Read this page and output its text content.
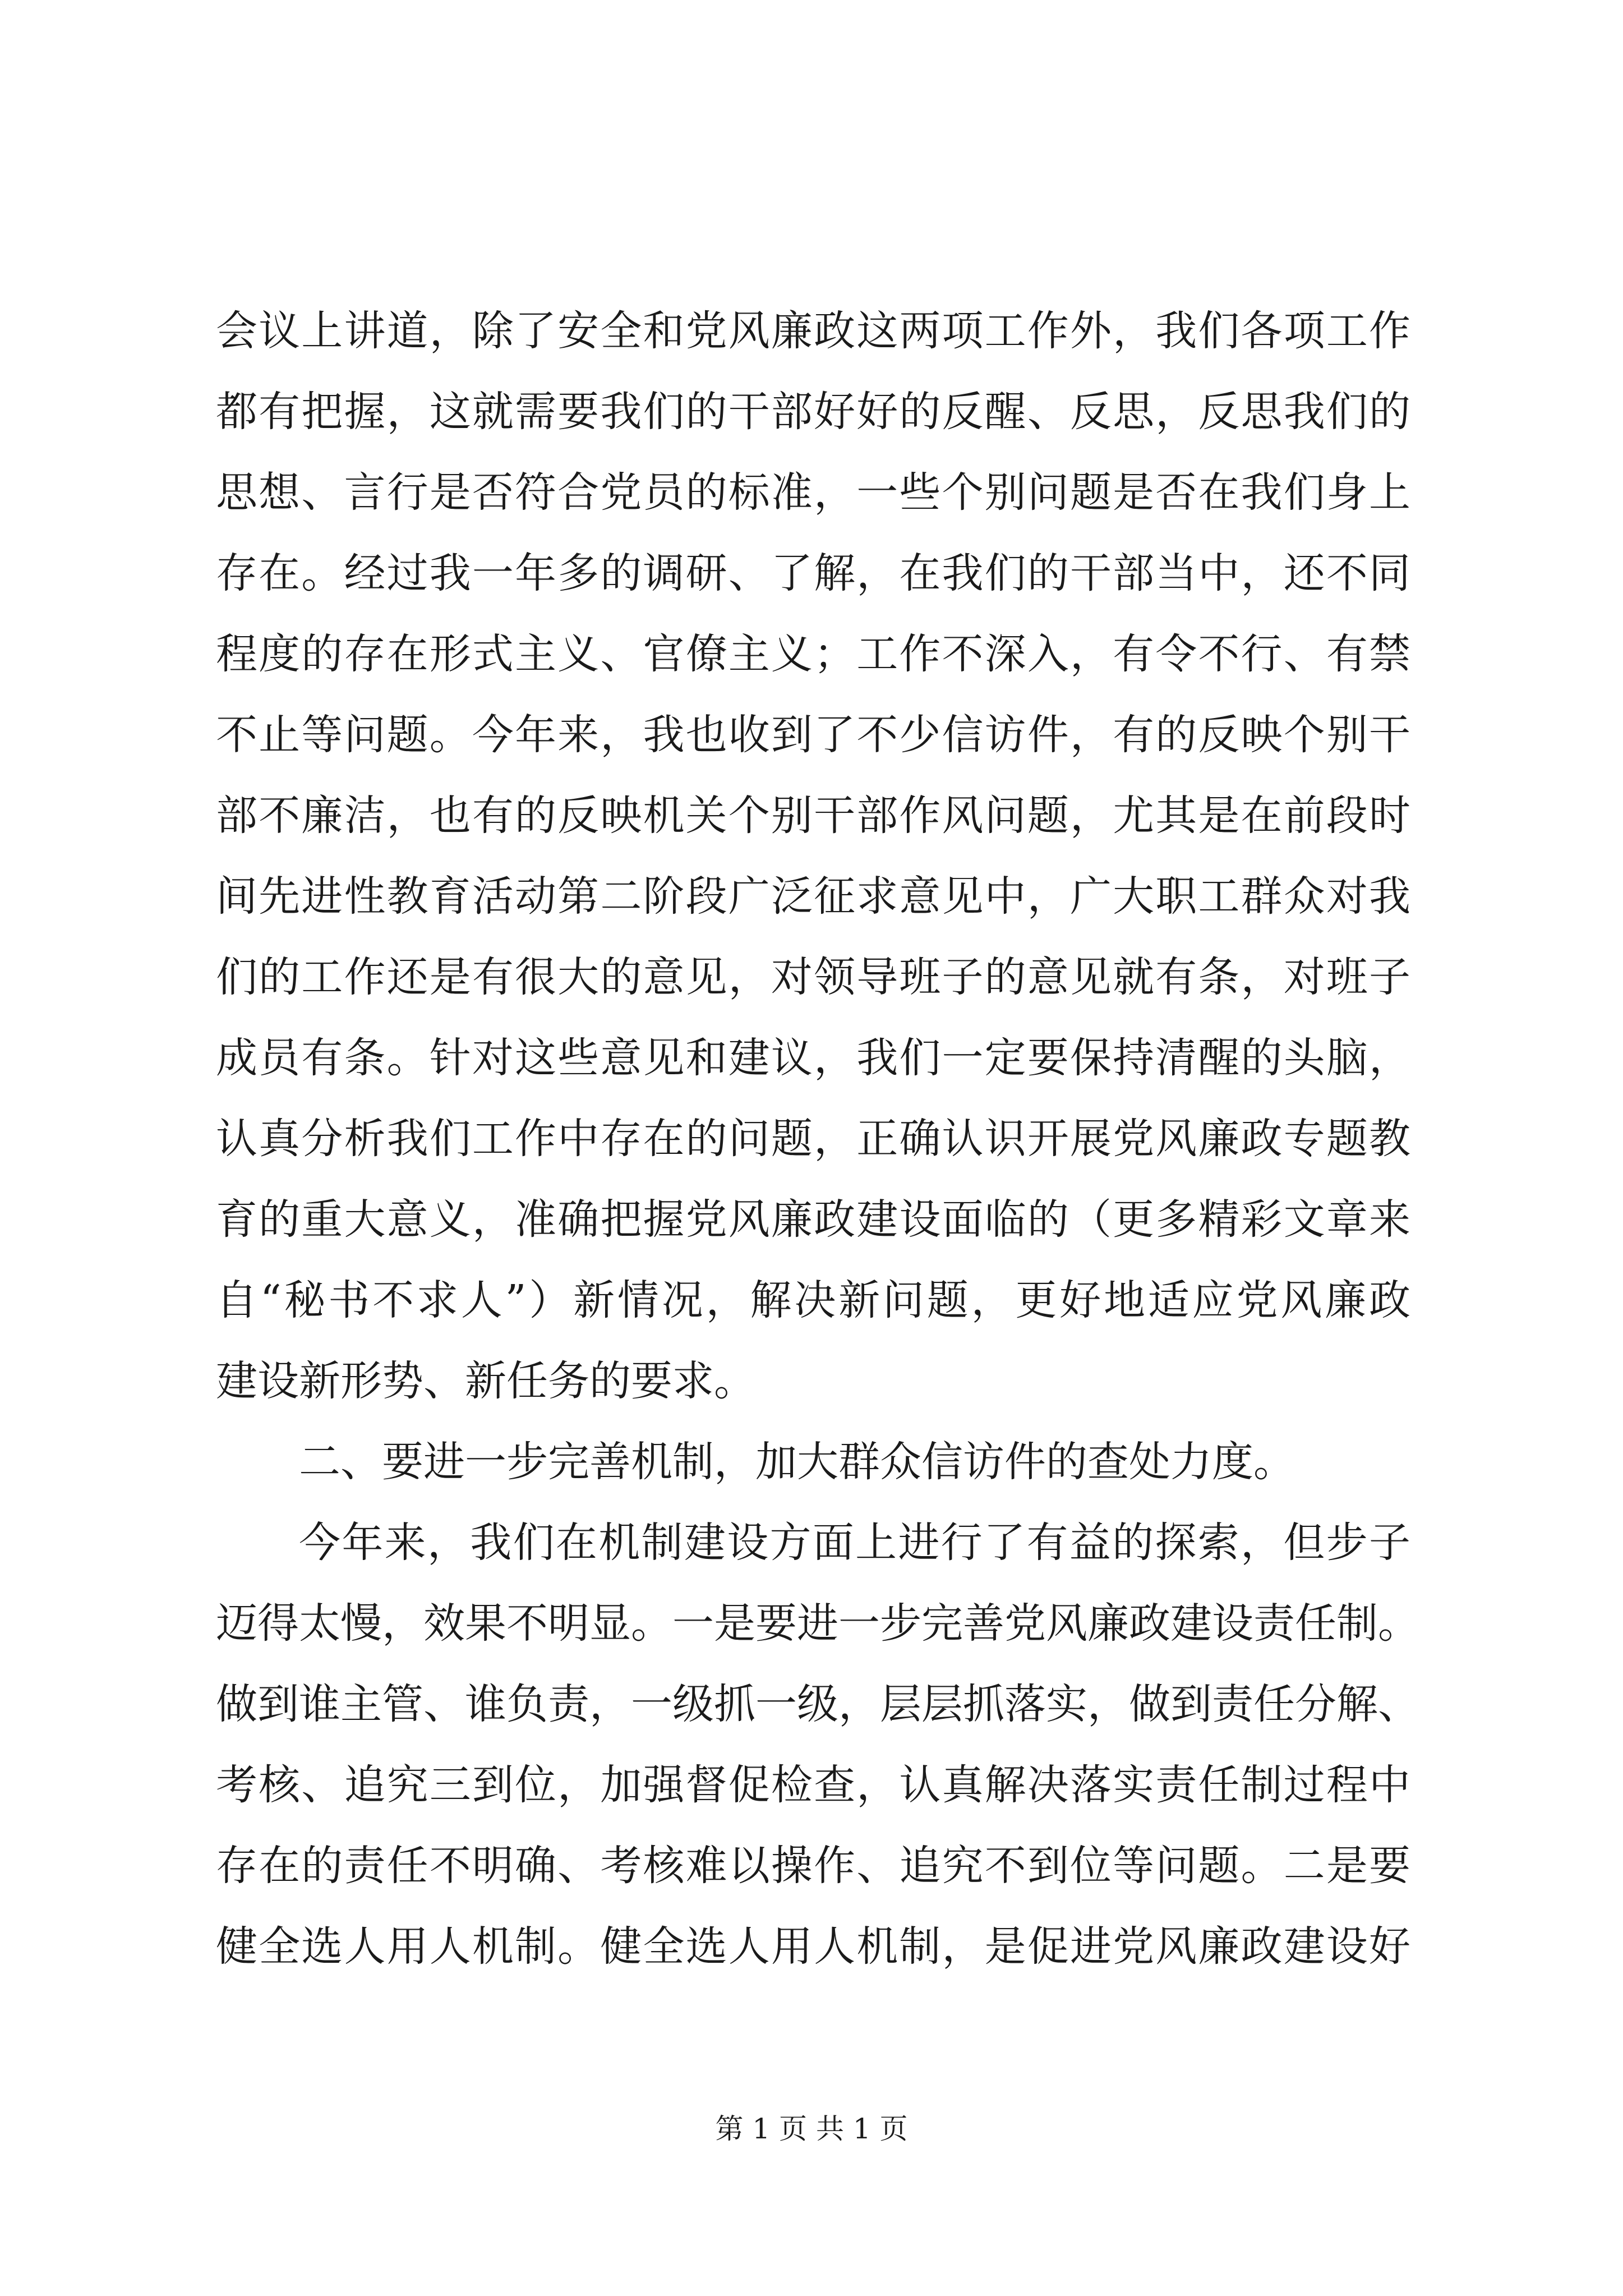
会议上讲道，除了安全和党风廉政这两项工作外，我们各项工作
都有把握，这就需要我们的干部好好的反醒、反思，反思我们的
思想、言行是否符合党员的标准，一些个别问题是否在我们身上
存在。经过我一年多的调研、了解，在我们的干部当中，还不同
程度的存在形式主义、官僚主义；工作不深入，有令不行、有禁
不止等问题。今年来，我也收到了不少信访件，有的反映个别干
部不廉洁，也有的反映机关个别干部作风问题，尤其是在前段时
间先进性教育活动第二阶段广泛征求意见中，广大职工群众对我
们的工作还是有很大的意见，对领导班子的意见就有条，对班子
成员有条。针对这些意见和建议，我们一定要保持清醒的头脑，
认真分析我们工作中存在的问题，正确认识开展党风廉政专题教
育的重大意义，准确把握党风廉政建设面临的（更多精彩文章来
自“秘书不求人”）新情况，解决新问题，更好地适应党风廉政
建设新形势、新任务的要求。
二、要进一步完善机制，加大群众信访件的查处力度。
今年来，我们在机制建设方面上进行了有益的探索，但步子
迈得太慢，效果不明显。一是要进一步完善党风廉政建设责任制。
做到谁主管、谁负责，一级抓一级，层层抓落实，做到责任分解、
考核、追究三到位，加强督促检查，认真解决落实责任制过程中
存在的责任不明确、考核难以操作、追究不到位等问题。二是要
健全选人用人机制。健全选人用人机制，是促进党风廉政建设好
第 1 页 共 1 页
